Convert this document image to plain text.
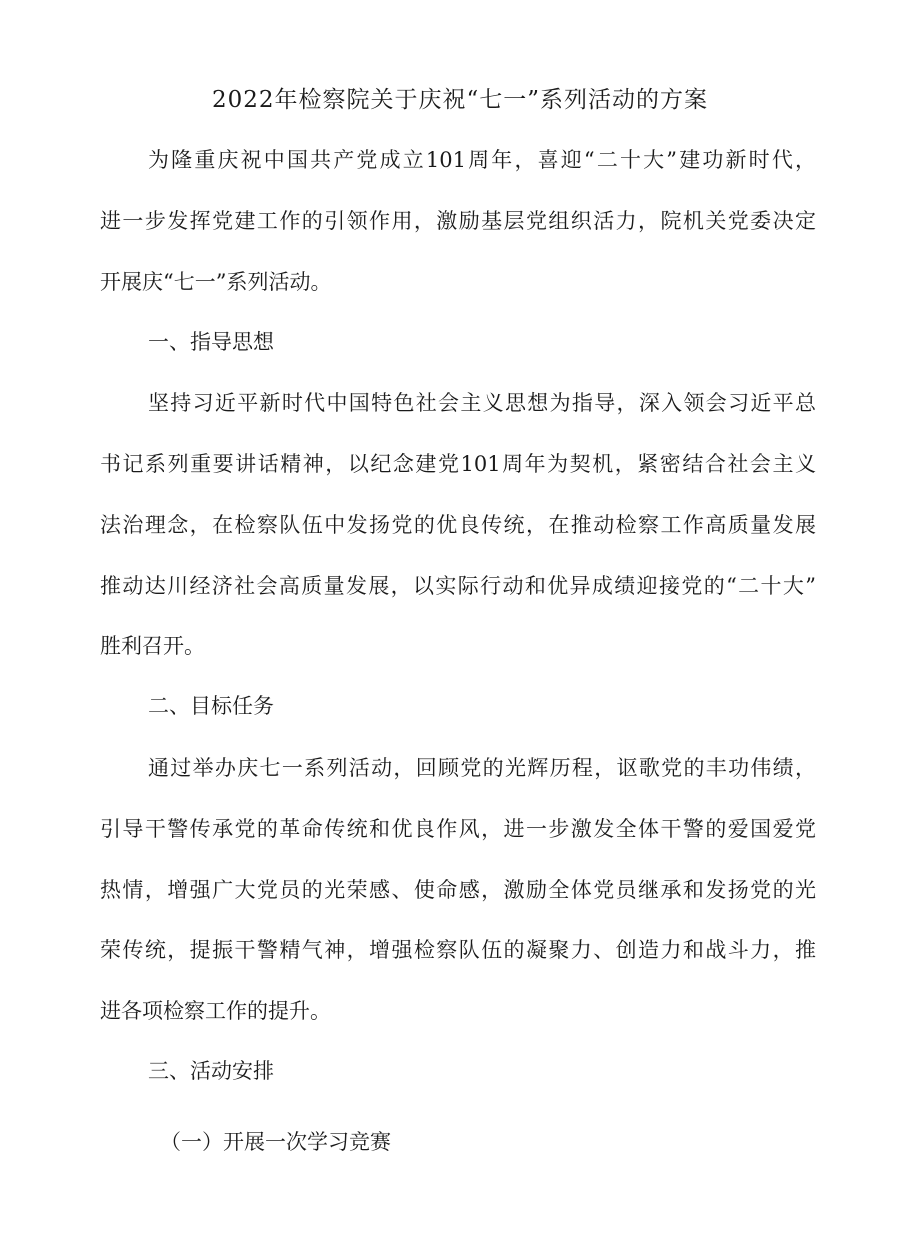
2022年检察院关于庆祝“七一”系列活动的方案
为隆重庆祝中国共产党成立101周年，喜迎“二十大”建功新时代，
进一步发挥党建工作的引领作用，激励基层党组织活力，院机关党委决定
开展庆“七一”系列活动。
一、指导思想
坚持习近平新时代中国特色社会主义思想为指导，深入领会习近平总
书记系列重要讲话精神，以纪念建党101周年为契机，紧密结合社会主义
法治理念，在检察队伍中发扬党的优良传统，在推动检察工作高质量发展
推动达川经济社会高质量发展，以实际行动和优异成绩迎接党的“二十大”
胜利召开。
二、目标任务
通过举办庆七一系列活动，回顾党的光辉历程，讴歌党的丰功伟绩，
引导干警传承党的革命传统和优良作风，进一步激发全体干警的爱国爱党
热情，增强广大党员的光荣感、使命感，激励全体党员继承和发扬党的光
荣传统，提振干警精气神，增强检察队伍的凝聚力、创造力和战斗力，推
进各项检察工作的提升。
三、活动安排
（一）开展一次学习竞赛
